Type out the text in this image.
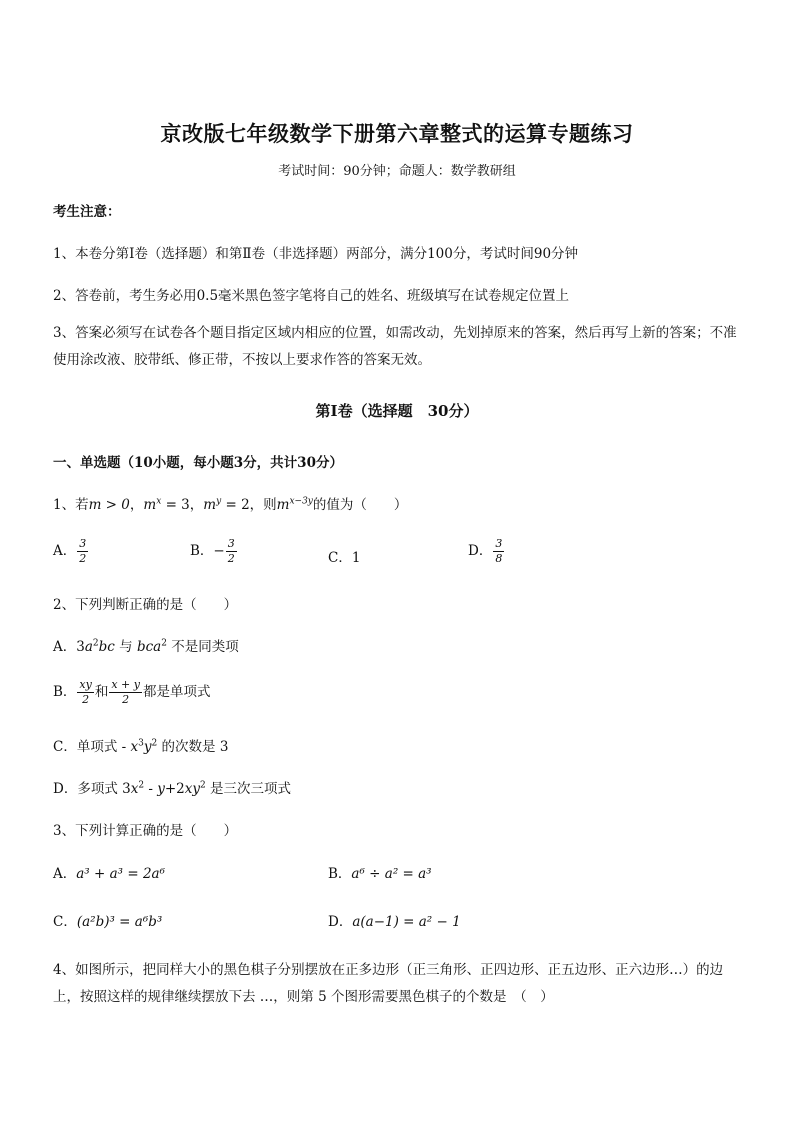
京改版七年级数学下册第六章整式的运算专题练习
考试时间：90分钟；命题人：数学教研组
考生注意：
1、本卷分第Ⅰ卷（选择题）和第Ⅱ卷（非选择题）两部分，满分100分，考试时间90分钟
2、答卷前，考生务必用0.5毫米黑色签字笔将自己的姓名、班级填写在试卷规定位置上
3、答案必须写在试卷各个题目指定区域内相应的位置，如需改动，先划掉原来的答案，然后再写上新的答案；不准使用涂改液、胶带纸、修正带，不按以上要求作答的答案无效。
第Ⅰ卷（选择题　30分）
一、单选题（10小题，每小题3分，共计30分）
1、若m > 0，$m^x = 3$，$m^y = 2$，则$m^{x-3y}$的值为（　　）
A． $\frac{3}{2}$	B．− $\frac{3}{2}$	C．1	D． $\frac{3}{8}$
2、下列判断正确的是（　　）
A．$3a^2bc$ 与 bca$^2$ 不是同类项
B． $\frac{xy}{2}$ 和 $\frac{x + y}{2}$ 都是单项式
C．单项式 - $x^3y^2$ 的次数是 3
D．多项式 $3x^2 - y+2xy^2$ 是三次三项式
3、下列计算正确的是（　　）
A．a³ + a³ = 2a⁶	B．a⁶ ÷ a² = a³
C．(a²b)³ = a⁶b³	D．a(a−1) = a² − 1
4、如图所示，把同样大小的黑色棋子分别摆放在正多边形（正三角形、正四边形、正五边形、正六边形…）的边上，按照这样的规律继续摆放下去 …，则第 5 个图形需要黑色棋子的个数是　（　）
